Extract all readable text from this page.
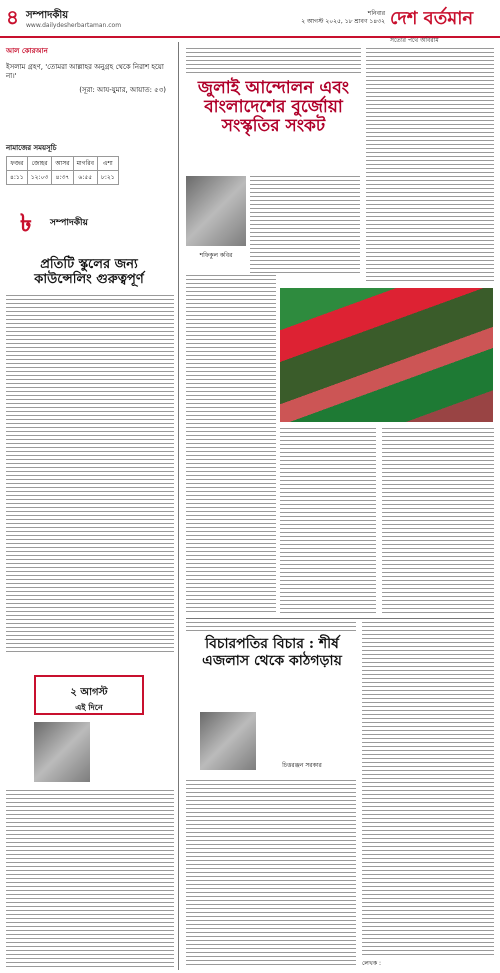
৪ সম্পাদকীয়
www.dailydesherbartaman.com
শনিবার
২ আগস্ট ২০২৫, ১৮ শ্রাবণ ১৪৩২ দেশ বর্তমান
সত্যের পথে অবিরাম
আল কোরআন
ইসলাম গ্রহণ, 'তোমরা আল্লাহর অনুগ্রহ থেকে নিরাশ হয়ো না।'
(সূরা: আয-যুমার, আয়াত: ৫৩)
নামাজের সময়সূচি
ফজর	জোহর	আসর	মাগরিব	এশা
৪:১১	১২:০৩	৪:৩৭	৬:৫৫	৮:২১
৳ সম্পাদকীয়
প্রতিটি স্কুলের জন্য কাউন্সেলিং গুরুত্বপূর্ণ
২ আগস্ট
এই দিনে
জুলাই আন্দোলন এবং বাংলাদেশের বুর্জোয়া সংস্কৃতির সংকট
শফিকুল কবির
বিচারপতির বিচার : শীর্ষ এজলাস থেকে কাঠগড়ায়
চিত্তরঞ্জন সরকার
লেখক :
